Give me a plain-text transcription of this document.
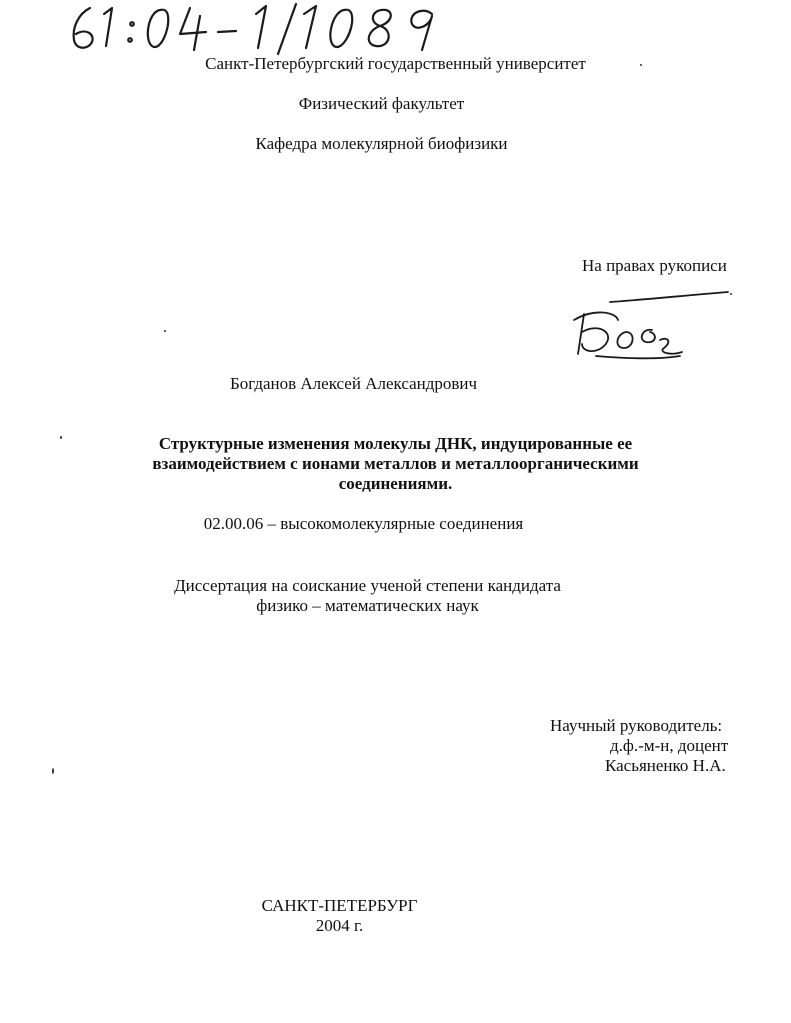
Санкт-Петербургский государственный университет
Физический факультет
Кафедра молекулярной биофизики
На правах рукописи
Богданов Алексей Александрович
Структурные изменения молекулы ДНК, индуцированные ее
взаимодействием с ионами металлов и металлоорганическими
соединениями.
02.00.06 – высокомолекулярные соединения
Диссертация на соискание ученой степени кандидата
физико – математических наук
Научный руководитель:
д.ф.-м-н, доцент
Касьяненко Н.А.
САНКТ-ПЕТЕРБУРГ
2004 г.
